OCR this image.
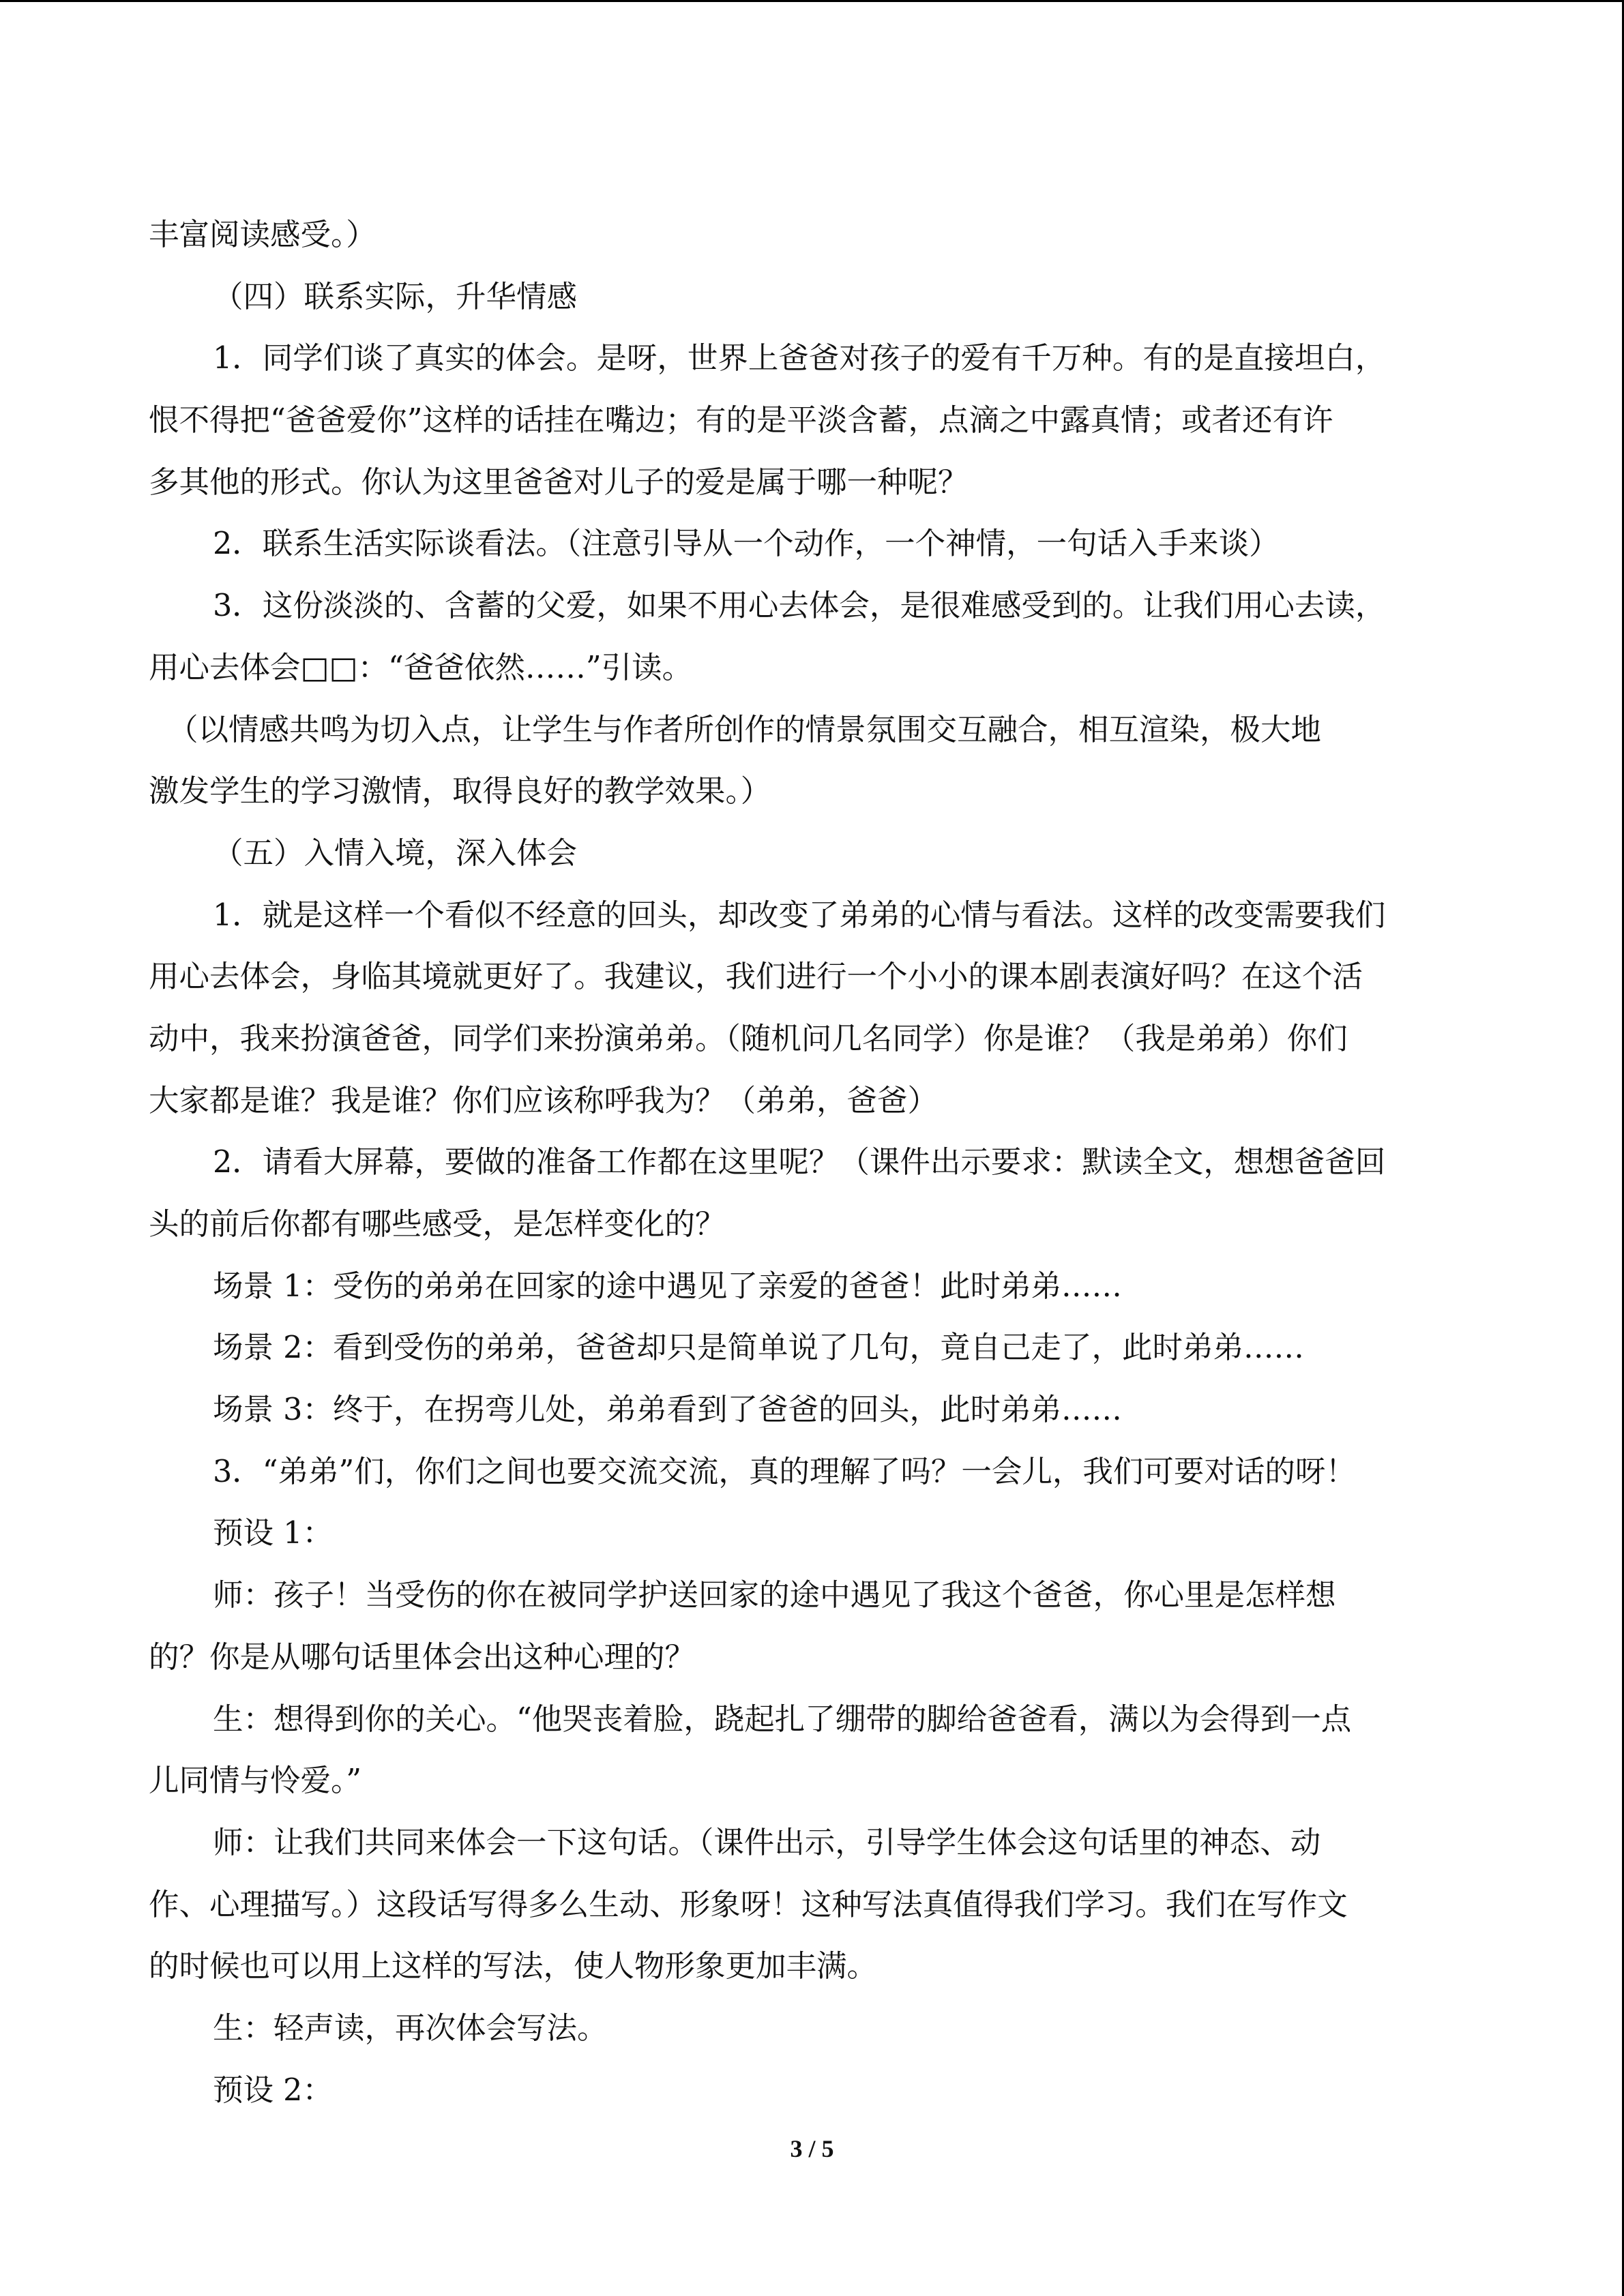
丰富阅读感受。）
（四）联系实际，升华情感
1．同学们谈了真实的体会。是呀，世界上爸爸对孩子的爱有千万种。有的是直接坦白，
恨不得把“爸爸爱你”这样的话挂在嘴边；有的是平淡含蓄，点滴之中露真情；或者还有许
多其他的形式。你认为这里爸爸对儿子的爱是属于哪一种呢？
2．联系生活实际谈看法。（注意引导从一个动作，一个神情，一句话入手来谈）
3．这份淡淡的、含蓄的父爱，如果不用心去体会，是很难感受到的。让我们用心去读，
用心去体会□□：“爸爸依然……”引读。
（以情感共鸣为切入点，让学生与作者所创作的情景氛围交互融合，相互渲染，极大地
激发学生的学习激情，取得良好的教学效果。）
（五）入情入境，深入体会
1．就是这样一个看似不经意的回头，却改变了弟弟的心情与看法。这样的改变需要我们
用心去体会，身临其境就更好了。我建议，我们进行一个小小的课本剧表演好吗？在这个活
动中，我来扮演爸爸，同学们来扮演弟弟。（随机问几名同学）你是谁？（我是弟弟）你们
大家都是谁？我是谁？你们应该称呼我为？（弟弟，爸爸）
2．请看大屏幕，要做的准备工作都在这里呢？（课件出示要求：默读全文，想想爸爸回
头的前后你都有哪些感受，是怎样变化的？
场景 1：受伤的弟弟在回家的途中遇见了亲爱的爸爸！此时弟弟……
场景 2：看到受伤的弟弟，爸爸却只是简单说了几句，竟自己走了，此时弟弟……
场景 3：终于，在拐弯儿处，弟弟看到了爸爸的回头，此时弟弟……
3．“弟弟”们，你们之间也要交流交流，真的理解了吗？一会儿，我们可要对话的呀！
预设 1：
师：孩子！当受伤的你在被同学护送回家的途中遇见了我这个爸爸，你心里是怎样想
的？你是从哪句话里体会出这种心理的？
生：想得到你的关心。“他哭丧着脸，跷起扎了绷带的脚给爸爸看，满以为会得到一点
儿同情与怜爱。”
师：让我们共同来体会一下这句话。（课件出示，引导学生体会这句话里的神态、动
作、心理描写。）这段话写得多么生动、形象呀！这种写法真值得我们学习。我们在写作文
的时候也可以用上这样的写法，使人物形象更加丰满。
生：轻声读，再次体会写法。
预设 2：
3 / 5
